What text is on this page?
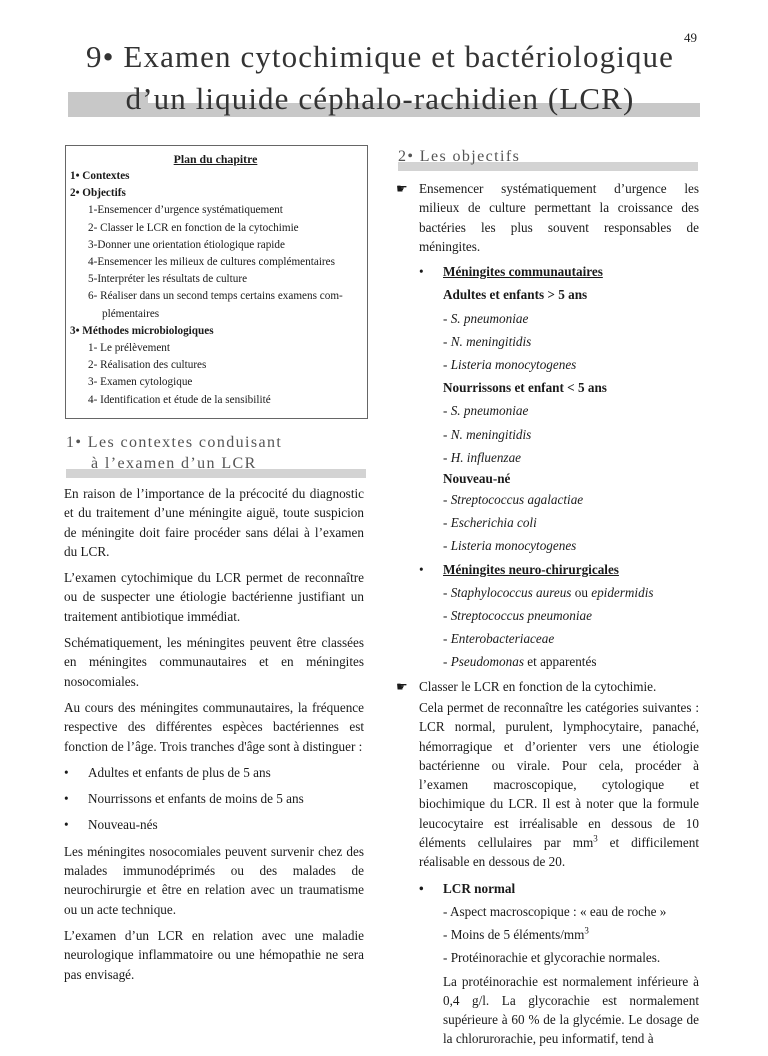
49
9• Examen cytochimique et bactériologique
d’un liquide céphalo-rachidien (LCR)
Plan du chapitre
1• Contextes
2• Objectifs
1-Ensemencer d’urgence systématiquement
2- Classer le LCR en fonction de la cytochimie
3-Donner une orientation étiologique rapide
4-Ensemencer les milieux de cultures complémentaires
5-Interpréter les résultats de culture
6- Réaliser dans un second temps certains examens com-
plémentaires
3• Méthodes microbiologiques
1- Le prélèvement
2- Réalisation des cultures
3- Examen cytologique
4- Identification et étude de la sensibilité
1• Les contextes conduisant
à l’examen d’un LCR

En raison de l’importance de la précocité du diagnostic et du traitement d’une méningite aiguë, toute suspicion de méningite doit faire procéder sans délai à l’examen du LCR.

L’examen cytochimique du LCR permet de reconnaître ou de suspecter une étiologie bactérienne justifiant un traitement antibiotique immédiat.

Schématiquement, les méningites peuvent être classées en méningites communautaires et en méningites nosocomiales.

Au cours des méningites communautaires, la fréquence respective des différentes espèces bactériennes est fonction de l’âge. Trois tranches d'âge sont à distinguer :

• Adultes et enfants de plus de 5 ans
• Nourrissons et enfants de moins de 5 ans
• Nouveau-nés

Les méningites nosocomiales peuvent survenir chez des malades immunodéprimés ou des malades de neurochirurgie et être en relation avec un traumatisme ou un acte technique.

L’examen d’un LCR en relation avec une maladie neurologique inflammatoire ou une hémopathie ne sera pas envisagé.

2• Les objectifs
☛ Ensemencer systématiquement d’urgence les milieux de culture permettant la croissance des bactéries les plus souvent responsables de méningites.
• Méningites communautaires
Adultes et enfants > 5 ans
- S. pneumoniae
- N. meningitidis
- Listeria monocytogenes
Nourrissons et enfant < 5 ans
- S. pneumoniae
- N. meningitidis
- H. influenzae
Nouveau-né
- Streptococcus agalactiae
- Escherichia coli
- Listeria monocytogenes
• Méningites neuro-chirurgicales
- Staphylococcus aureus ou epidermidis
- Streptococcus pneumoniae
- Enterobacteriaceae
- Pseudomonas et apparentés
☛ Classer le LCR en fonction de la cytochimie.

Cela permet de reconnaître les catégories suivantes : LCR normal, purulent, lymphocytaire, panaché, hémorragique et d’orienter vers une étiologie bactérienne ou virale. Pour cela, procéder à l’examen macroscopique, cytologique et biochimique du LCR. Il est à noter que la formule leucocytaire est irréalisable en dessous de 10 éléments cellulaires par $mm^3$ et difficilement réalisable en dessous de 20.

• LCR normal
- Aspect macroscopique : « eau de roche »
- Moins de 5 éléments/$mm^3$
- Protéinorachie et glycorachie normales.

La protéinorachie est normalement inférieure à 0,4 g/l. La glycorachie est normalement supérieure à 60 % de la glycémie. Le dosage de la chlorurorachie, peu informatif, tend à
